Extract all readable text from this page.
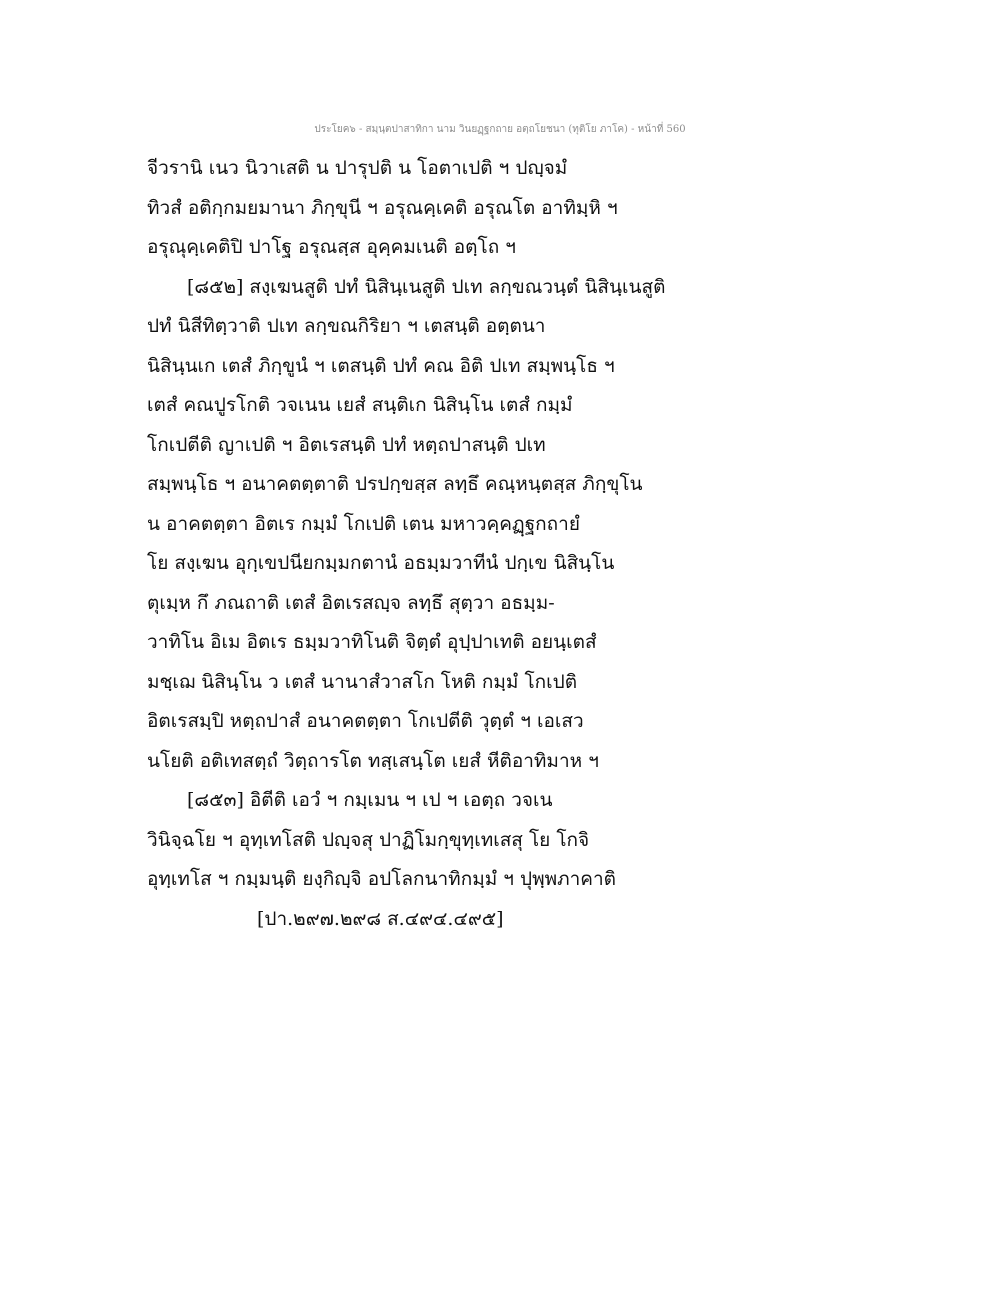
ประโยค๖ - สมฺนฺตปาสาทิกา นาม วินยฏฺฐกถาย อตฺถโยชนา (ทุติโย ภาโค) - หน้าที่ 560
จีวรานิ เนว นิวาเสติ น ปารุปติ น โอตาเปติ ฯ ปญฺจมํ
ทิวสํ อติกฺกมยมานา ภิกฺขุนี ฯ อรุณคฺเคติ อรุณโต อาทิมฺหิ ฯ
อรุณุคฺเคติปิ ปาโฐ อรุณสฺส อุคฺคมเนติ อตฺโถ ฯ
[๘๕๒] สงฺเฆนสูติ ปทํ นิสินฺเนสูติ ปเท ลกฺขณวนฺตํ นิสินฺเนสูติ
ปทํ นิสีทิตฺวาติ ปเท ลกฺขณกิริยา ฯ เตสนฺติ อตฺตนา
นิสินฺนเก เตสํ ภิกฺขูนํ ฯ เตสนฺติ ปทํ คณ อิติ ปเท สมฺพนฺโธ ฯ
เตสํ คณปูรโกติ วจเนน เยสํ สนฺติเก นิสินฺโน เตสํ กมฺมํ
โกเปตีติ ญาเปติ ฯ อิตเรสนฺติ ปทํ หตฺถปาสนฺติ ปเท
สมฺพนฺโธ ฯ อนาคตตฺตาติ ปรปกฺขสฺส ลทฺธึ คณฺหนฺตสฺส ภิกฺขุโน
น อาคตตฺตา อิตเร กมฺมํ โกเปติ เตน มหาวคฺคฏฺฐกถายํ
โย สงฺเฆน อุกฺเขปนียกมฺมกตานํ อธมฺมวาทีนํ ปกฺเข นิสินฺโน
ตุเมฺห กึ ภณถาติ เตสํ อิตเรสญฺจ ลทฺธึ สุตฺวา อธมฺม-
วาทิโน อิเม อิตเร ธมฺมวาทิโนติ จิตฺตํ อุปฺปาเทติ อยนฺเตสํ
มชฺเฌ นิสินฺโน ว เตสํ นานาสํวาสโก โหติ กมฺมํ โกเปติ
อิตเรสมฺปิ หตฺถปาสํ อนาคตตฺตา โกเปตีติ วุตฺตํ ฯ เอเสว
นโยติ อติเทสตฺถํ วิตฺถารโต ทสฺเสนฺโต เยสํ หีติอาทิมาห ฯ
[๘๕๓] อิตีติ เอวํ ฯ กมฺเมน ฯ เป ฯ เอตฺถ วจเน
วินิจฺฉโย ฯ อุทฺเทโสติ ปญฺจสุ ปาฏิโมกฺขุทฺเทเสสุ โย โกจิ
อุทฺเทโส ฯ กมฺมนฺติ ยงฺกิญฺจิ อปโลกนาทิกมฺมํ ฯ ปุพฺพภาคาติ
[ปา.๒๙๗.๒๙๘ ส.๔๙๔.๔๙๕]
